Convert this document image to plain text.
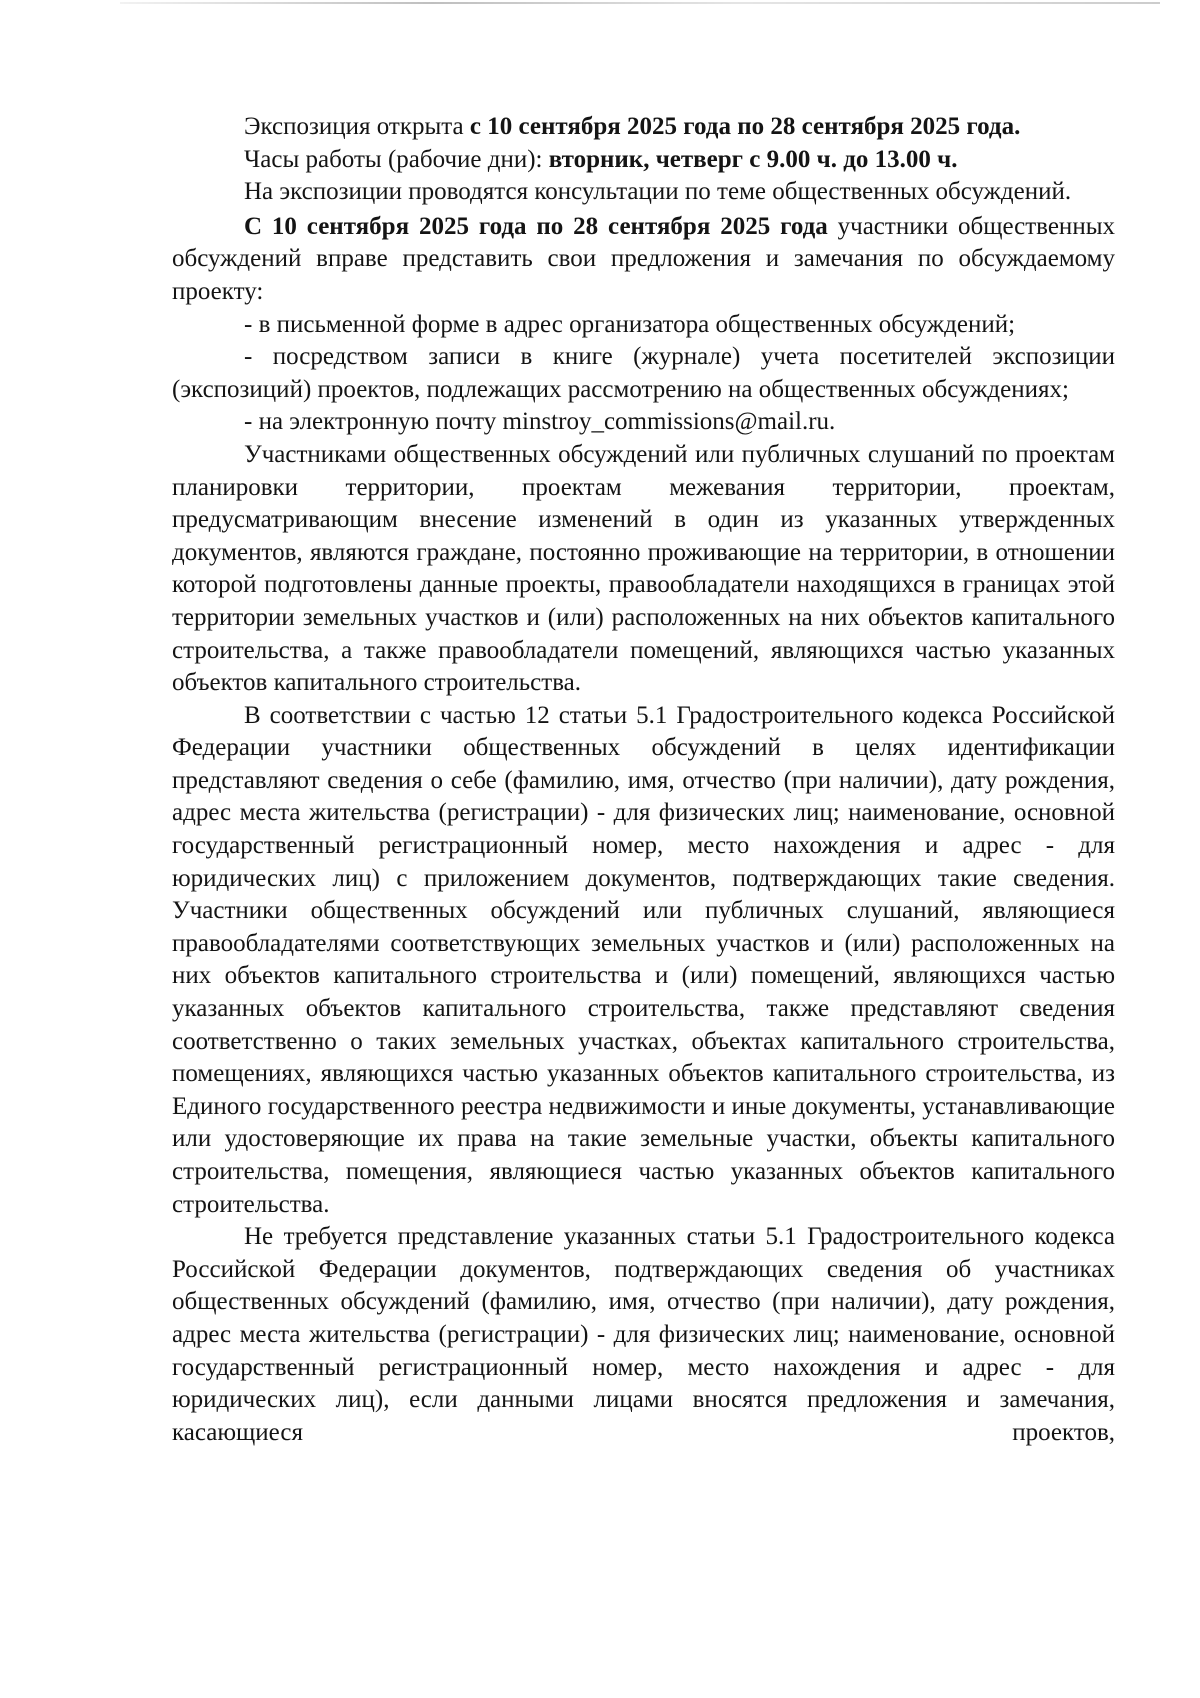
Экспозиция открыта с 10 сентября 2025 года по 28 сентября 2025 года.

Часы работы (рабочие дни): вторник, четверг с 9.00 ч. до 13.00 ч.

На экспозиции проводятся консультации по теме общественных обсуждений.

С 10 сентября 2025 года по 28 сентября 2025 года участники общественных обсуждений вправе представить свои предложения и замечания по обсуждаемому проекту:

- в письменной форме в адрес организатора общественных обсуждений;

- посредством записи в книге (журнале) учета посетителей экспозиции (экспозиций) проектов, подлежащих рассмотрению на общественных обсуждениях;

- на электронную почту minstroy_commissions@mail.ru.

Участниками общественных обсуждений или публичных слушаний по проектам планировки территории, проектам межевания территории, проектам, предусматривающим внесение изменений в один из указанных утвержденных документов, являются граждане, постоянно проживающие на территории, в отношении которой подготовлены данные проекты, правообладатели находящихся в границах этой территории земельных участков и (или) расположенных на них объектов капитального строительства, а также правообладатели помещений, являющихся частью указанных объектов капитального строительства.

В соответствии с частью 12 статьи 5.1 Градостроительного кодекса Российской Федерации участники общественных обсуждений в целях идентификации представляют сведения о себе (фамилию, имя, отчество (при наличии), дату рождения, адрес места жительства (регистрации) - для физических лиц; наименование, основной государственный регистрационный номер, место нахождения и адрес - для юридических лиц) с приложением документов, подтверждающих такие сведения. Участники общественных обсуждений или публичных слушаний, являющиеся правообладателями соответствующих земельных участков и (или) расположенных на них объектов капитального строительства и (или) помещений, являющихся частью указанных объектов капитального строительства, также представляют сведения соответственно о таких земельных участках, объектах капитального строительства, помещениях, являющихся частью указанных объектов капитального строительства, из Единого государственного реестра недвижимости и иные документы, устанавливающие или удостоверяющие их права на такие земельные участки, объекты капитального строительства, помещения, являющиеся частью указанных объектов капитального строительства.

Не требуется представление указанных статьи 5.1 Градостроительного кодекса Российской Федерации документов, подтверждающих сведения об участниках общественных обсуждений (фамилию, имя, отчество (при наличии), дату рождения, адрес места жительства (регистрации) - для физических лиц; наименование, основной государственный регистрационный номер, место нахождения и адрес - для юридических лиц), если данными лицами вносятся предложения и замечания, касающиеся проектов,
